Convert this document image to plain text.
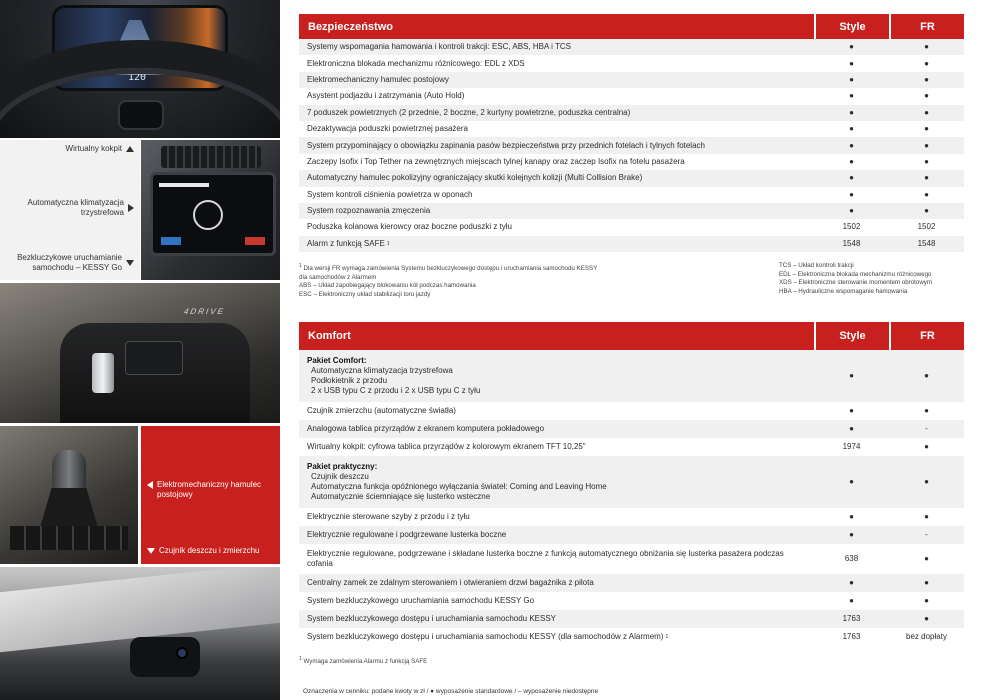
120
Wirtualny kokpit
Automatyczna klimatyzacja trzystrefowa
Bezkluczykowe uruchamianie samochodu – KESSY Go
4DRIVE
Elektromechaniczny hamulec postojowy
Czujnik deszczu i zmierzchu
Bezpieczeństwo	Style	FR
Systemy wspomagania hamowania i kontroli trakcji: ESC, ABS, HBA i TCS	●	●
Elektroniczna blokada mechanizmu różnicowego: EDL z XDS	●	●
Elektromechaniczny hamulec postojowy	●	●
Asystent podjazdu i zatrzymania (Auto Hold)	●	●
7 poduszek powietrznych (2 przednie, 2 boczne, 2 kurtyny powietrzne, poduszka centralna)	●	●
Dezaktywacja poduszki powietrznej pasażera	●	●
System przypominający o obowiązku zapinania pasów bezpieczeństwa przy przednich fotelach i tylnych fotelach	●	●
Zaczepy Isofix i Top Tether na zewnętrznych miejscach tylnej kanapy oraz zaczep Isofix na fotelu pasażera	●	●
Automatyczny hamulec pokolizyjny ograniczający skutki kolejnych kolizji (Multi Collision Brake)	●	●
System kontroli ciśnienia powietrza w oponach	●	●
System rozpoznawania zmęczenia	●	●
Poduszka kolanowa kierowcy oraz boczne poduszki z tyłu	1502	1502
Alarm z funkcją SAFE 1	1548	1548
$^1$ Dla wersji FR wymaga zamówienia Systemu bezkluczykowego dostępu i uruchamiania samochodu KESSY
dla samochodów z Alarmem
ABS – Układ zapobiegający blokowaniu kół podczas hamowania
ESC – Elektroniczny układ stabilizacji toru jazdy
TCS – Układ kontroli trakcji
EDL – Elektroniczna blokada mechanizmu różnicowego
XDS – Elektroniczne sterowanie momentem obrotowym
HBA – Hydrauliczne wspomaganie hamowania
Komfort	Style	FR
Pakiet Comfort:
Automatyczna klimatyzacja trzystrefowa
Podłokietnik z przodu
2 x USB typu C z przodu i 2 x USB typu C z tyłu
●	●
Czujnik zmierzchu (automatyczne światła)	●	●
Analogowa tablica przyrządów z ekranem komputera pokładowego	●	-
Wirtualny kokpit: cyfrowa tablica przyrządów z kolorowym ekranem TFT 10,25"	1974	●
Pakiet praktyczny:
Czujnik deszczu
Automatyczna funkcja opóźnionego wyłączania świateł: Coming and Leaving Home
Automatycznie ściemniające się lusterko wsteczne
●	●
Elektrycznie sterowane szyby z przodu i z tyłu	●	●
Elektrycznie regulowane i podgrzewane lusterka boczne	●	-
Elektrycznie regulowane, podgrzewane i składane lusterka boczne z funkcją automatycznego obniżania się lusterka pasażera podczas cofania
638	●
Centralny zamek ze zdalnym sterowaniem i otwieraniem drzwi bagażnika z pilota	●	●
System bezkluczykowego uruchamiania samochodu KESSY Go	●	●
System bezkluczykowego dostępu i uruchamiania samochodu KESSY	1763	●
System bezkluczykowego dostępu i uruchamiania samochodu KESSY (dla samochodów z Alarmem) 1	1763	bez dopłaty
$^1$ Wymaga zamówienia Alarmu z funkcją SAFE
Oznaczenia w cenniku: podane kwoty w zł / ● wyposażenie standardowe / – wyposażenie niedostępne
